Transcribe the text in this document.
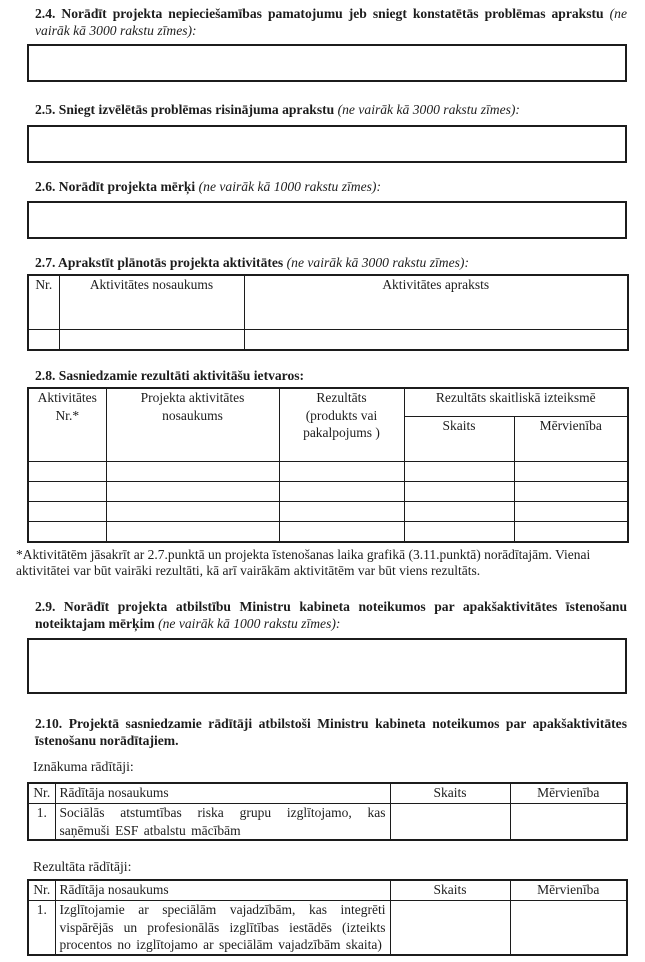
2.4. Norādīt projekta nepieciešamības pamatojumu jeb sniegt konstatētās problēmas aprakstu (ne vairāk kā 3000 rakstu zīmes):

2.5. Sniegt izvēlētās problēmas risinājuma aprakstu (ne vairāk kā 3000 rakstu zīmes):

2.6. Norādīt projekta mērķi (ne vairāk kā 1000 rakstu zīmes):

2.7. Aprakstīt plānotās projekta aktivitātes (ne vairāk kā 3000 rakstu zīmes):

Nr.	Aktivitātes nosaukums	Aktivitātes apraksts

2.8. Sasniedzamie rezultāti aktivitāšu ietvaros:

Aktivitātes Nr.*	Projekta aktivitātes nosaukums	Rezultāts (produkts vai pakalpojums )	Rezultāts skaitliskā izteiksmē	
			Skaits	Mērvienība

*Aktivitātēm jāsakrīt ar 2.7.punktā un projekta īstenošanas laika grafikā (3.11.punktā) norādītajām. Vienai aktivitātei var būt vairāki rezultāti, kā arī vairākām aktivitātēm var būt viens rezultāts.

2.9. Norādīt projekta atbilstību Ministru kabineta noteikumos par apakšaktivitātes īstenošanu noteiktajam mērķim (ne vairāk kā 1000 rakstu zīmes):

2.10. Projektā sasniedzamie rādītāji atbilstoši Ministru kabineta noteikumos par apakšaktivitātes īstenošanu norādītajiem.

Iznākuma rādītāji:

Nr.	Rādītāja nosaukums	Skaits	Mērvienība
1.	Sociālās atstumtības riska grupu izglītojamo, kas saņēmuši ESF atbalstu mācībām		

Rezultāta rādītāji:

Nr.	Rādītāja nosaukums	Skaits	Mērvienība
1.	Izglītojamie ar speciālām vajadzībām, kas integrēti vispārējās un profesionālās izglītības iestādēs (izteikts procentos no izglītojamo ar speciālām vajadzībām skaita)		
